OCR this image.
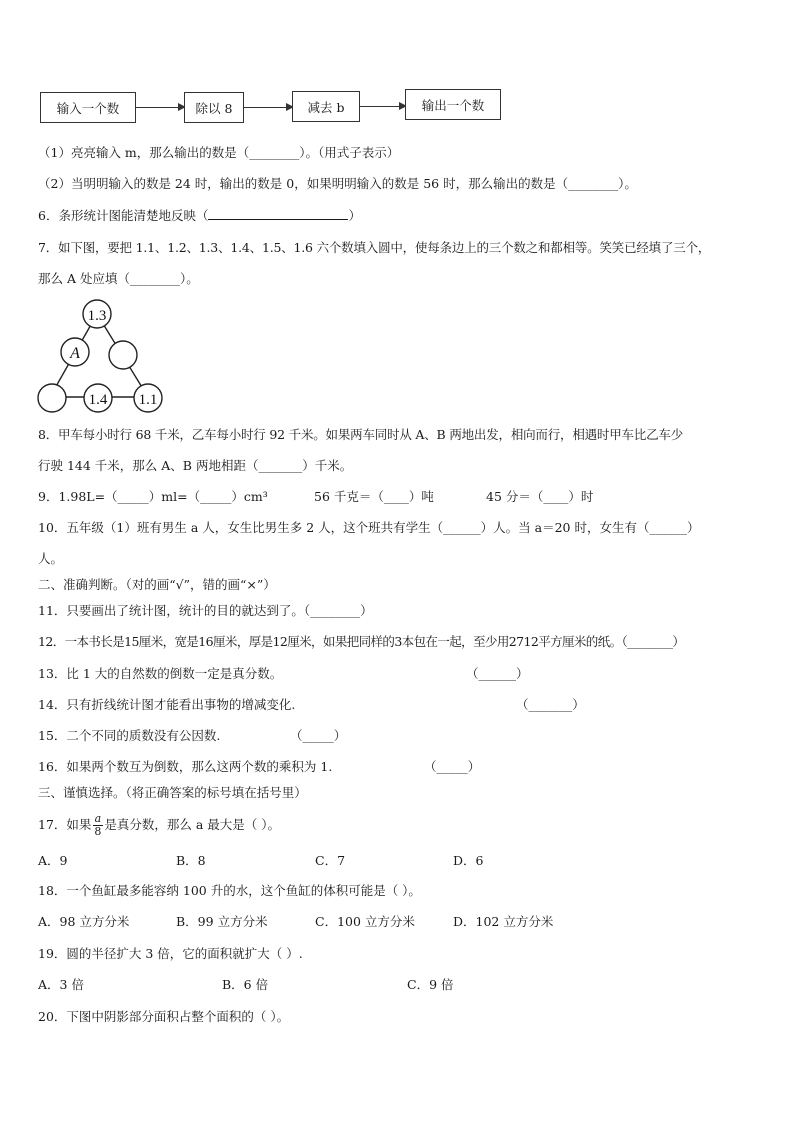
输入一个数	除以 8	减去 b	输出一个数
（1）亮亮输入 m，那么输出的数是（________）。（用式子表示）
（2）当明明输入的数是 24 时，输出的数是 0，如果明明输入的数是 56 时，那么输出的数是（________）。
6．条形统计图能清楚地反映（	）
7．如下图，要把 1.1、1.2、1.3、1.4、1.5、1.6 六个数填入圆中，使每条边上的三个数之和都相等。笑笑已经填了三个，
那么 A 处应填（________）。
1.3
A
1.4 1.1
8．甲车每小时行 68 千米，乙车每小时行 92 千米。如果两车同时从 A、B 两地出发，相向而行，相遇时甲车比乙车少
行驶 144 千米，那么 A、B 两地相距（_______）千米。
9．1.98L=（_____）ml=（_____）cm³	56 千克＝（____）吨	45 分＝（____）时
10．五年级（1）班有男生 a 人，女生比男生多 2 人，这个班共有学生（______）人。当 a＝20 时，女生有（______）
人。
二、准确判断。（对的画“√”，错的画“×”）
11．只要画出了统计图，统计的目的就达到了。（________）
12．一本书长是15厘米，宽是16厘米，厚是12厘米，如果把同样的3本包在一起，至少用2712平方厘米的纸。（________）
13．比 1 大的自然数的倒数一定是真分数。	（______）
14．只有折线统计图才能看出事物的增减变化.	（_______）
15．二个不同的质数没有公因数.	（_____）
16．如果两个数互为倒数，那么这两个数的乘积为 1.	（_____）
三、谨慎选择。（将正确答案的标号填在括号里）
17．如果 $\frac{a}{8}$ 是真分数，那么 a 最大是（ ）。
A．9	B．8	C．7	D．6
18．一个鱼缸最多能容纳 100 升的水，这个鱼缸的体积可能是（ ）。
A．98 立方分米	B．99 立方分米	C．100 立方分米	D．102 立方分米
19．圆的半径扩大 3 倍，它的面积就扩大（ ）.
A．3 倍	B．6 倍	C．9 倍
20．下图中阴影部分面积占整个面积的（ ）。
